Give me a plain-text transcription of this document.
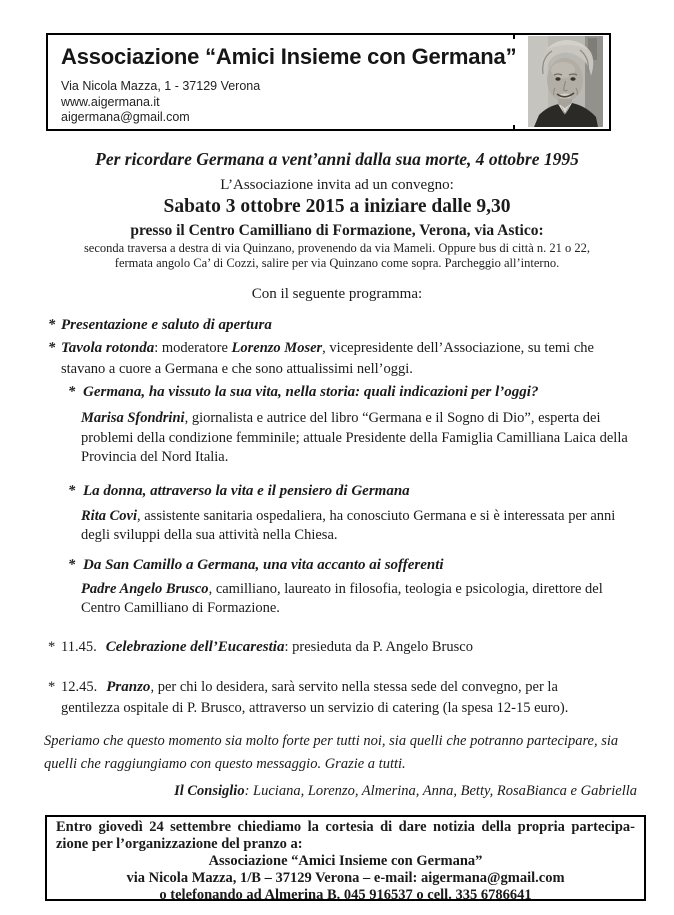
Associazione “Amici Insieme con Germana”
Via Nicola Mazza, 1 - 37129 Verona
www.aigermana.it
aigermana@gmail.com
Per ricordare Germana a vent’anni dalla sua morte, 4 ottobre 1995
L’Associazione invita ad un convegno:
Sabato 3 ottobre 2015 a iniziare dalle 9,30
presso il Centro Camilliano di Formazione, Verona, via Astico:
seconda traversa a destra di via Quinzano, provenendo da via Mameli. Oppure bus di città n. 21 o 22,
fermata angolo Ca’ di Cozzi, salire per via Quinzano come sopra. Parcheggio all’interno.
Con il seguente programma:
* Presentazione e saluto di apertura
* Tavola rotonda: moderatore Lorenzo Moser, vicepresidente dell’Associazione, su temi che stavano a cuore a Germana e che sono attualissimi nell’oggi.
* Germana, ha vissuto la sua vita, nella storia: quali indicazioni per l’oggi?
Marisa Sfondrini, giornalista e autrice del libro “Germana e il Sogno di Dio”, esperta dei problemi della condizione femminile; attuale Presidente della Famiglia Camilliana Laica della Provincia del Nord Italia.
* La donna, attraverso la vita e il pensiero di Germana
Rita Covi, assistente sanitaria ospedaliera, ha conosciuto Germana e si è interessata per anni degli sviluppi della sua attività nella Chiesa.
* Da San Camillo a Germana, una vita accanto ai sofferenti
Padre Angelo Brusco, camilliano, laureato in filosofia, teologia e psicologia, direttore del Centro Camilliano di Formazione.
* 11.45. Celebrazione dell’Eucarestia: presieduta da P. Angelo Brusco
* 12.45. Pranzo, per chi lo desidera, sarà servito nella stessa sede del convegno, per la gentilezza ospitale di P. Brusco, attraverso un servizio di catering (la spesa 12-15 euro).
Speriamo che questo momento sia molto forte per tutti noi, sia quelli che potranno partecipare, sia quelli che raggiungiamo con questo messaggio. Grazie a tutti.
Il Consiglio: Luciana, Lorenzo, Almerina, Anna, Betty, RosaBianca e Gabriella
Entro giovedì 24 settembre chiediamo la cortesia di dare notizia della propria partecipa-
zione per l’organizzazione del pranzo a:
Associazione “Amici Insieme con Germana”
via Nicola Mazza, 1/B – 37129 Verona – e-mail: aigermana@gmail.com
o telefonando ad Almerina B. 045 916537 o cell. 335 6786641
